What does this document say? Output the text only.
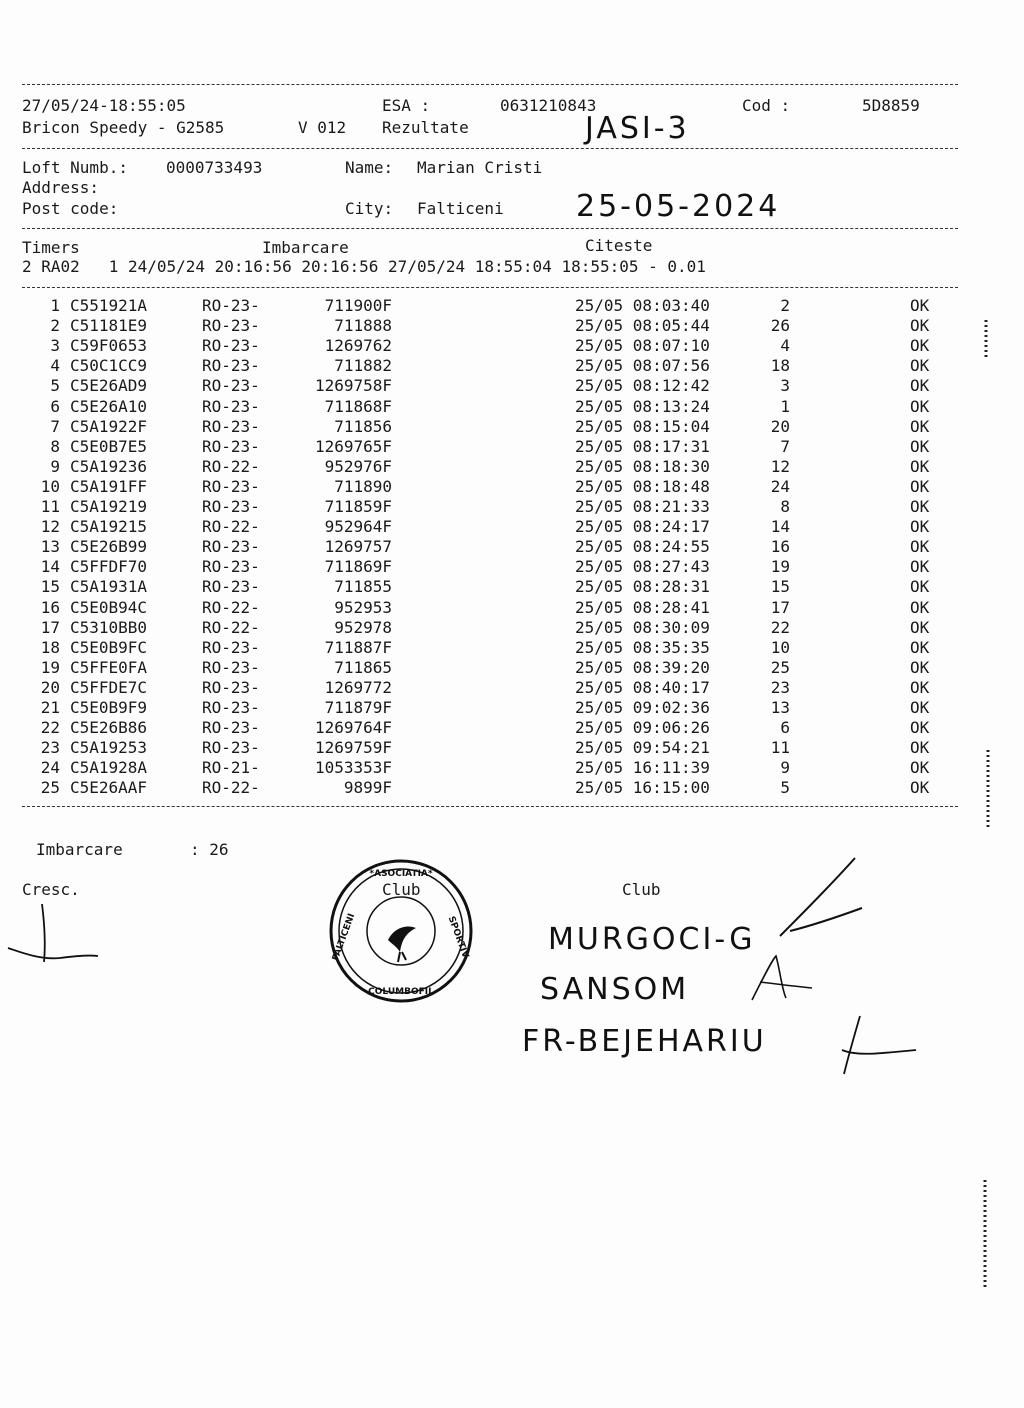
27/05/24-18:55:05	ESA :	0631210843	Cod :	5D8859
Bricon Speedy - G2585	V 012 Rezultate	JASI-3
Loft Numb.: 0000733493	Name: Marian Cristi
Address:
Post code:	City: Falticeni 25-05-2024
Timers	Imbarcare	Citeste
2 RA02   1 24/05/24 20:16:56 20:16:56 27/05/24 18:55:04 18:55:05 - 0.01
1 C551921A	RO-23-	711900F	25/05 08:03:40	2	OK
2 C51181E9	RO-23-	711888	25/05 08:05:44	26	OK
3 C59F0653	RO-23-	1269762	25/05 08:07:10	4	OK
4 C50C1CC9	RO-23-	711882	25/05 08:07:56	18	OK
5 C5E26AD9	RO-23-	1269758F	25/05 08:12:42	3	OK
6 C5E26A10	RO-23-	711868F	25/05 08:13:24	1	OK
7 C5A1922F	RO-23-	711856	25/05 08:15:04	20	OK
8 C5E0B7E5	RO-23-	1269765F	25/05 08:17:31	7	OK
9 C5A19236	RO-22-	952976F	25/05 08:18:30	12	OK
10 C5A191FF	RO-23-	711890	25/05 08:18:48	24	OK
11 C5A19219	RO-23-	711859F	25/05 08:21:33	8	OK
12 C5A19215	RO-22-	952964F	25/05 08:24:17	14	OK
13 C5E26B99	RO-23-	1269757	25/05 08:24:55	16	OK
14 C5FFDF70	RO-23-	711869F	25/05 08:27:43	19	OK
15 C5A1931A	RO-23-	711855	25/05 08:28:31	15	OK
16 C5E0B94C	RO-22-	952953	25/05 08:28:41	17	OK
17 C5310BB0	RO-22-	952978	25/05 08:30:09	22	OK
18 C5E0B9FC	RO-23-	711887F	25/05 08:35:35	10	OK
19 C5FFE0FA	RO-23-	711865	25/05 08:39:20	25	OK
20 C5FFDE7C	RO-23-	1269772	25/05 08:40:17	23	OK
21 C5E0B9F9	RO-23-	711879F	25/05 09:02:36	13	OK
22 C5E26B86	RO-23-	1269764F	25/05 09:06:26	6	OK
23 C5A19253	RO-23-	1269759F	25/05 09:54:21	11	OK
24 C5A1928A	RO-21-	1053353F	25/05 16:11:39	9	OK
25 C5E26AAF	RO-22-	9899F	25/05 16:15:00	5	OK
Imbarcare	: 26
Cresc.	Club	Club
*ASOCIATIA*
SPORTIV
COLUMBOFIL
FALTICENI	MURGOCI-G
SANSOM
FR-BEJEHARIU
